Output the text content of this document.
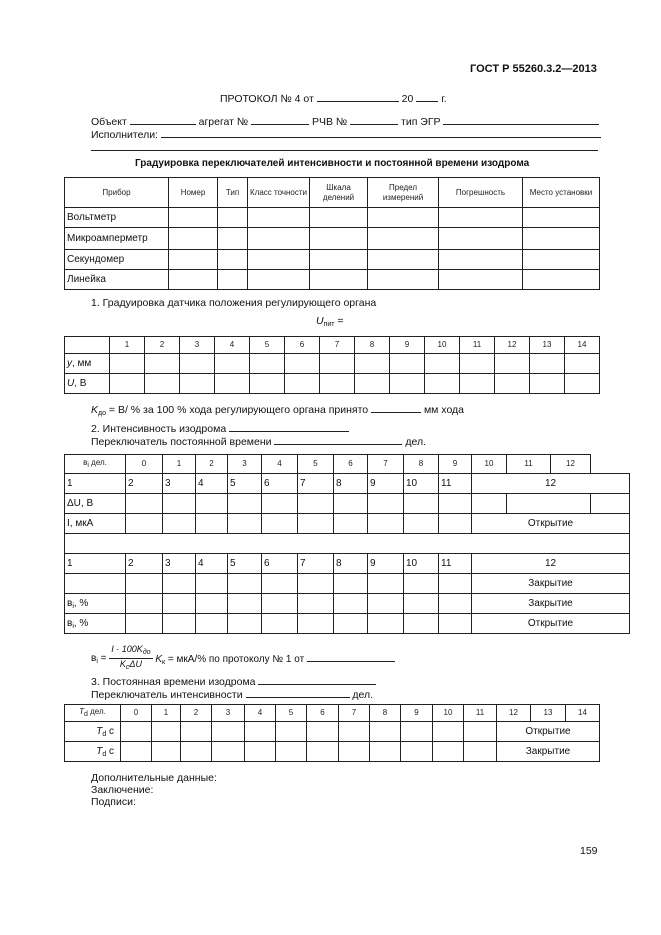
ГОСТ Р 55260.3.2—2013
ПРОТОКОЛ № 4 от	20	г.
Объект	агрегат №	РЧВ №	тип ЭГР
Исполнители:
Градуировка переключателей интенсивности и постоянной времени изодрома
Прибор	Номер	Тип	Класс точности	Шкала делений	Предел измерений	Погрешность	Место установки
Вольтметр							
Микроамперметр							
Секундомер							
Линейка							
1. Градуировка датчика положения регулирующего органа
$U_{пит}$ =
	1	2	3	4	5	6	7	8	9	10	11	12	13	14
y, мм														
U, В														
$K_{до} = В/$ % за 100 % хода регулирующего органа принято	мм хода
2. Интенсивность изодрома
Переключатель постоянной времени	дел.
вi дел.	0	1	2	3	4	5	6	7	8	9	10	11	12		
1	2	3	4	5	6	7	8	9	10	11	12				
ΔU, В															
I, мкА											Открытие				

1	2	3	4	5	6	7	8	9	10	11	12				
											Закрытие				
$в_i$, %											Закрытие				
$в_i$, %											Открытие				
$в_i = \frac{I \cdot 100K_{до}}{K_с\Delta U} K_к = мкА/\%$ по протоколу № 1 от
3. Постоянная времени изодрома
Переключатель интенсивности	дел.
Td дел.	0	1	2	3	4	5	6	7	8	9	10	11	12	13	14
$T_d$ с													Открытие		
$T_d$ с													Закрытие		
Дополнительные данные:
Заключение:
Подписи:
159
